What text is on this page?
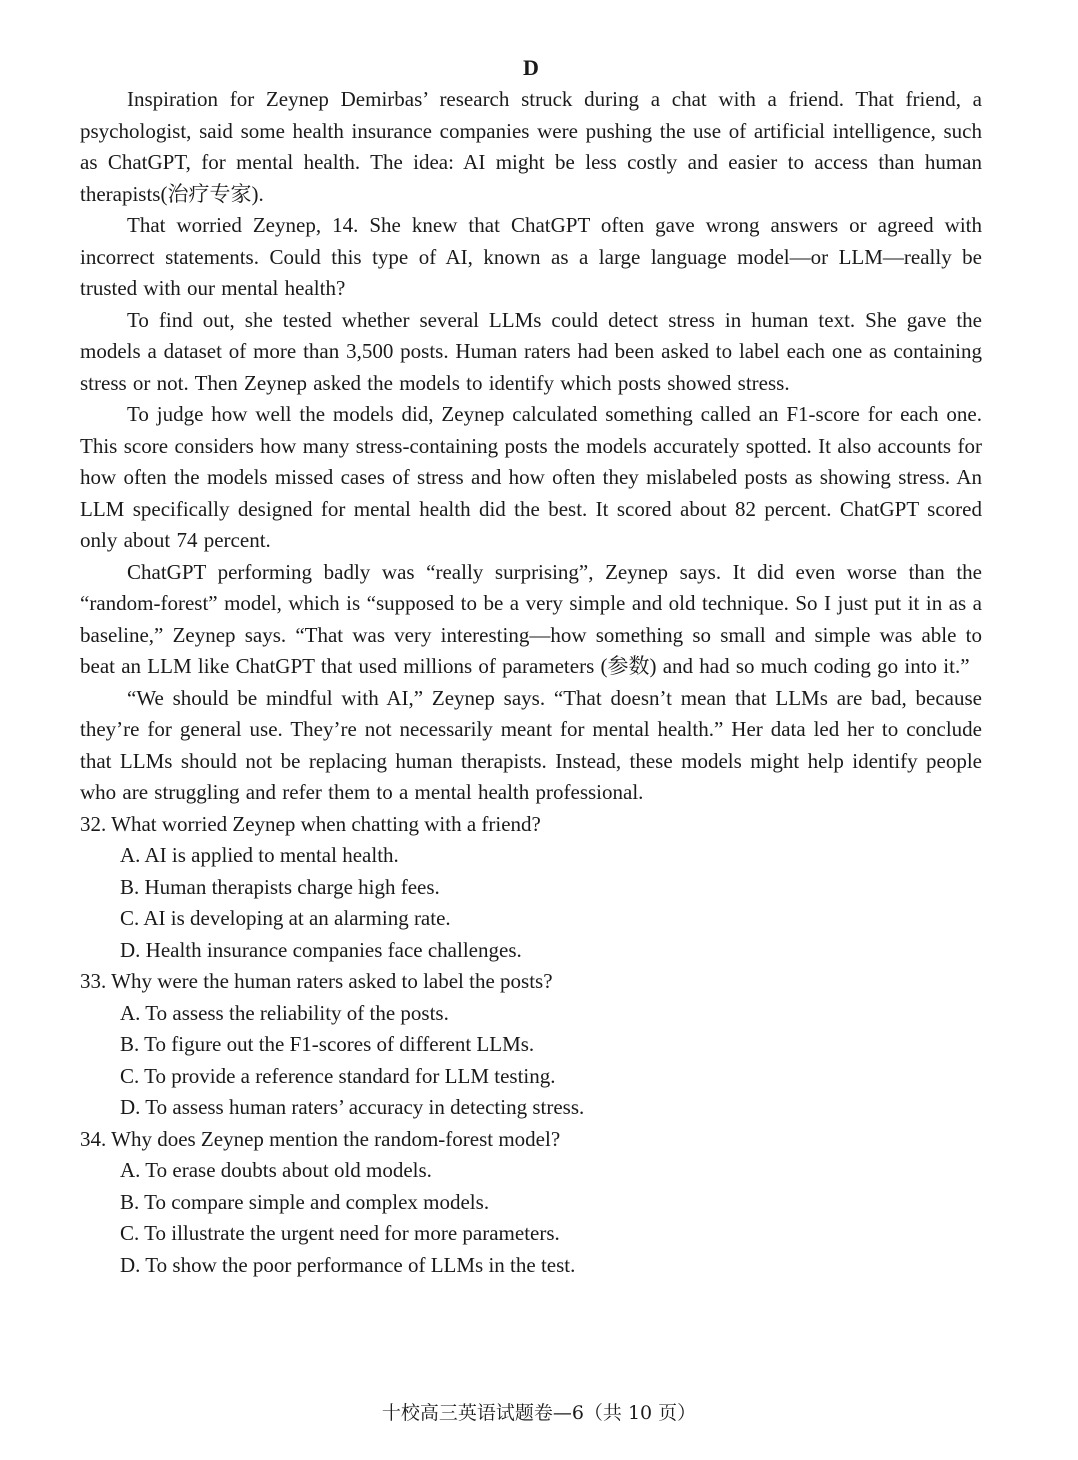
D

Inspiration for Zeynep Demirbas’ research struck during a chat with a friend. That friend, a psychologist, said some health insurance companies were pushing the use of artificial intelligence, such as ChatGPT, for mental health. The idea: AI might be less costly and easier to access than human therapists(治疗专家).

That worried Zeynep, 14. She knew that ChatGPT often gave wrong answers or agreed with incorrect statements. Could this type of AI, known as a large language model—or LLM—really be trusted with our mental health?

To find out, she tested whether several LLMs could detect stress in human text. She gave the models a dataset of more than 3,500 posts. Human raters had been asked to label each one as containing stress or not. Then Zeynep asked the models to identify which posts showed stress.

To judge how well the models did, Zeynep calculated something called an F1-score for each one. This score considers how many stress-containing posts the models accurately spotted. It also accounts for how often the models missed cases of stress and how often they mislabeled posts as showing stress. An LLM specifically designed for mental health did the best. It scored about 82 percent. ChatGPT scored only about 74 percent.

ChatGPT performing badly was “really surprising”, Zeynep says. It did even worse than the “random-forest” model, which is “supposed to be a very simple and old technique. So I just put it in as a baseline,” Zeynep says. “That was very interesting—how something so small and simple was able to beat an LLM like ChatGPT that used millions of parameters (参数) and had so much coding go into it.”

“We should be mindful with AI,” Zeynep says. “That doesn’t mean that LLMs are bad, because they’re for general use. They’re not necessarily meant for mental health.” Her data led her to conclude that LLMs should not be replacing human therapists. Instead, these models might help identify people who are struggling and refer them to a mental health professional.

32. What worried Zeynep when chatting with a friend?

A. AI is applied to mental health.

B. Human therapists charge high fees.

C. AI is developing at an alarming rate.

D. Health insurance companies face challenges.

33. Why were the human raters asked to label the posts?

A. To assess the reliability of the posts.

B. To figure out the F1-scores of different LLMs.

C. To provide a reference standard for LLM testing.

D. To assess human raters’ accuracy in detecting stress.

34. Why does Zeynep mention the random-forest model?

A. To erase doubts about old models.

B. To compare simple and complex models.

C. To illustrate the urgent need for more parameters.

D. To show the poor performance of LLMs in the test.

十校高三英语试题卷—6（共 10 页）
